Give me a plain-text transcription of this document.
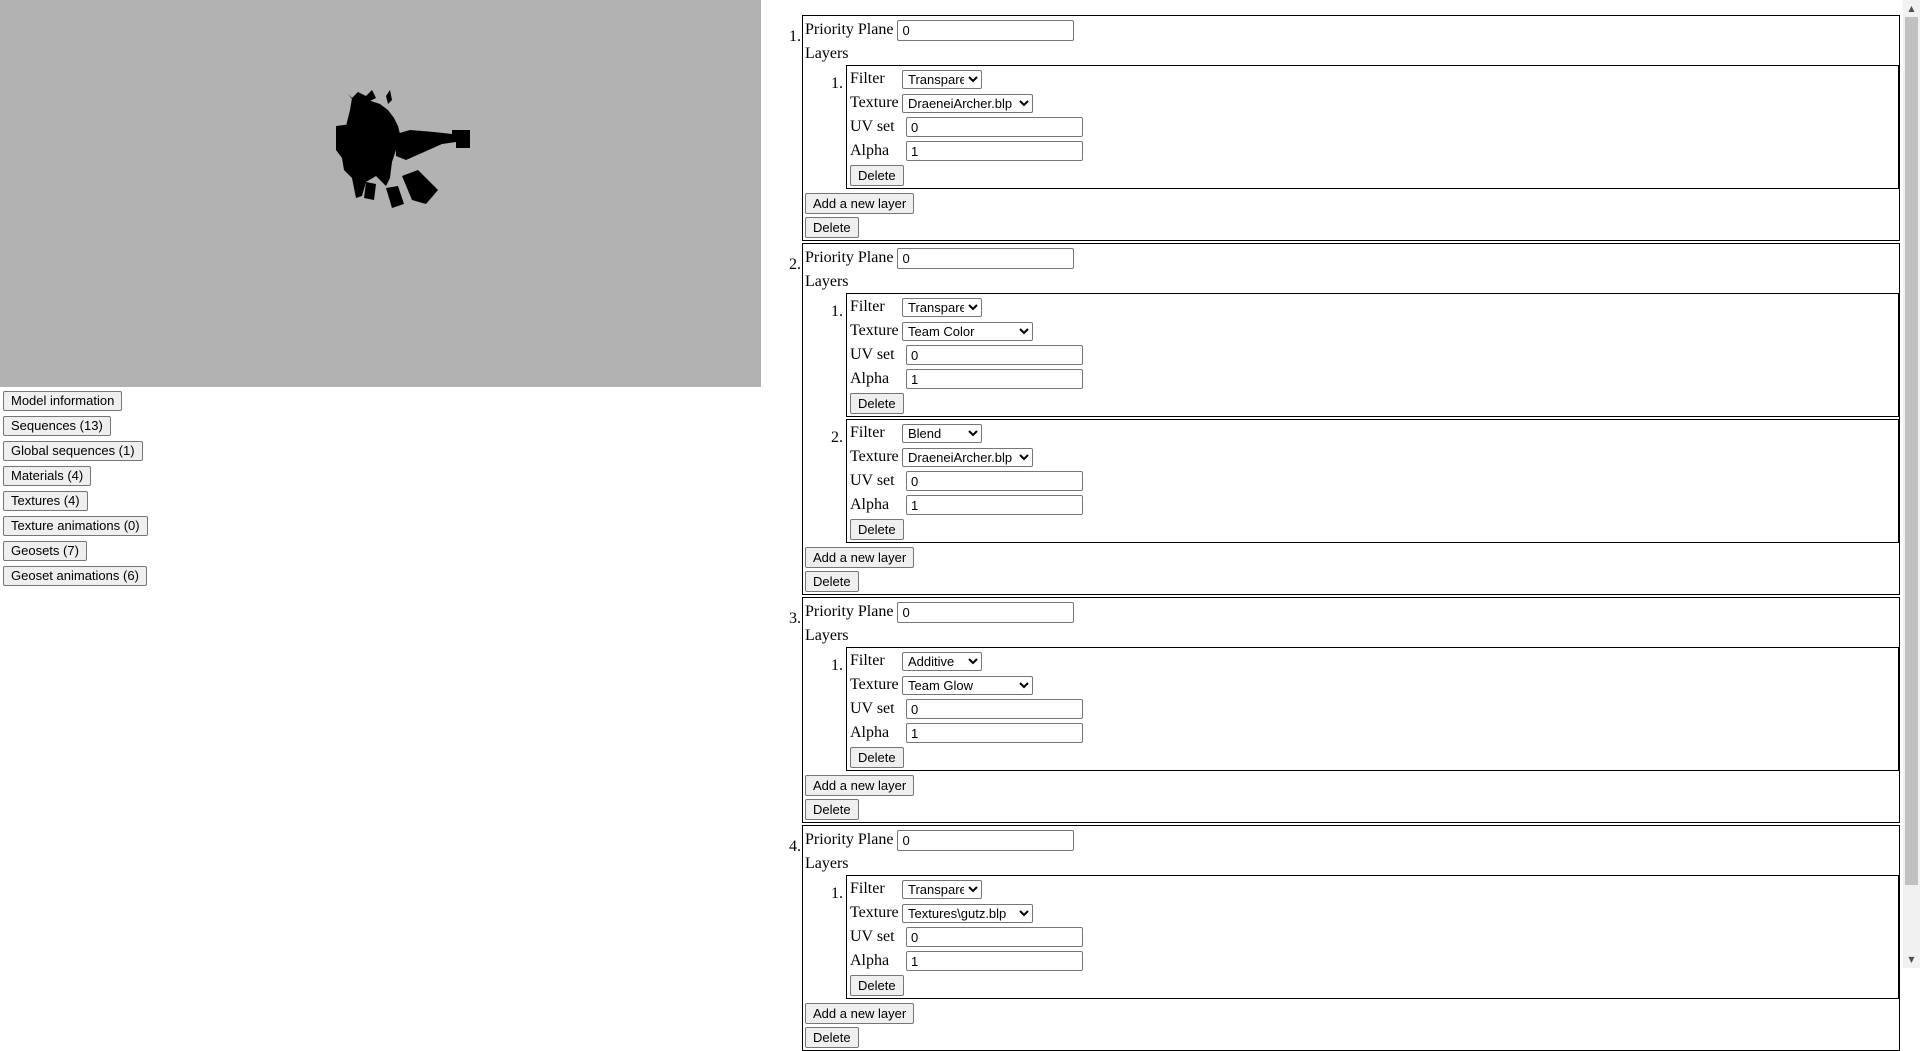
Model information
Sequences (13)
Global sequences (1)
Materials (4)
Textures (4)
Texture animations (0)
Geosets (7)
Geoset animations (6)
1. Priority Plane
0
Layers
1. Filter
Transparent
Texture
DraeneiArcher.blp
UV set
0
Alpha
1
Delete
Add a new layer
Delete
2. Priority Plane
0
Layers
1. Filter
Transparent
Texture
Team Color
UV set
0
Alpha
1
Delete
2. Filter
Blend
Texture
DraeneiArcher.blp
UV set
0
Alpha
1
Delete
Add a new layer
Delete
3. Priority Plane
0
Layers
1. Filter
Additive
Texture
Team Glow
UV set
0
Alpha
1
Delete
Add a new layer
Delete
4. Priority Plane
0
Layers
1. Filter
Transparent
Texture
Textures\gutz.blp
UV set
0
Alpha
1
Delete
Add a new layer
Delete
▲
▼
